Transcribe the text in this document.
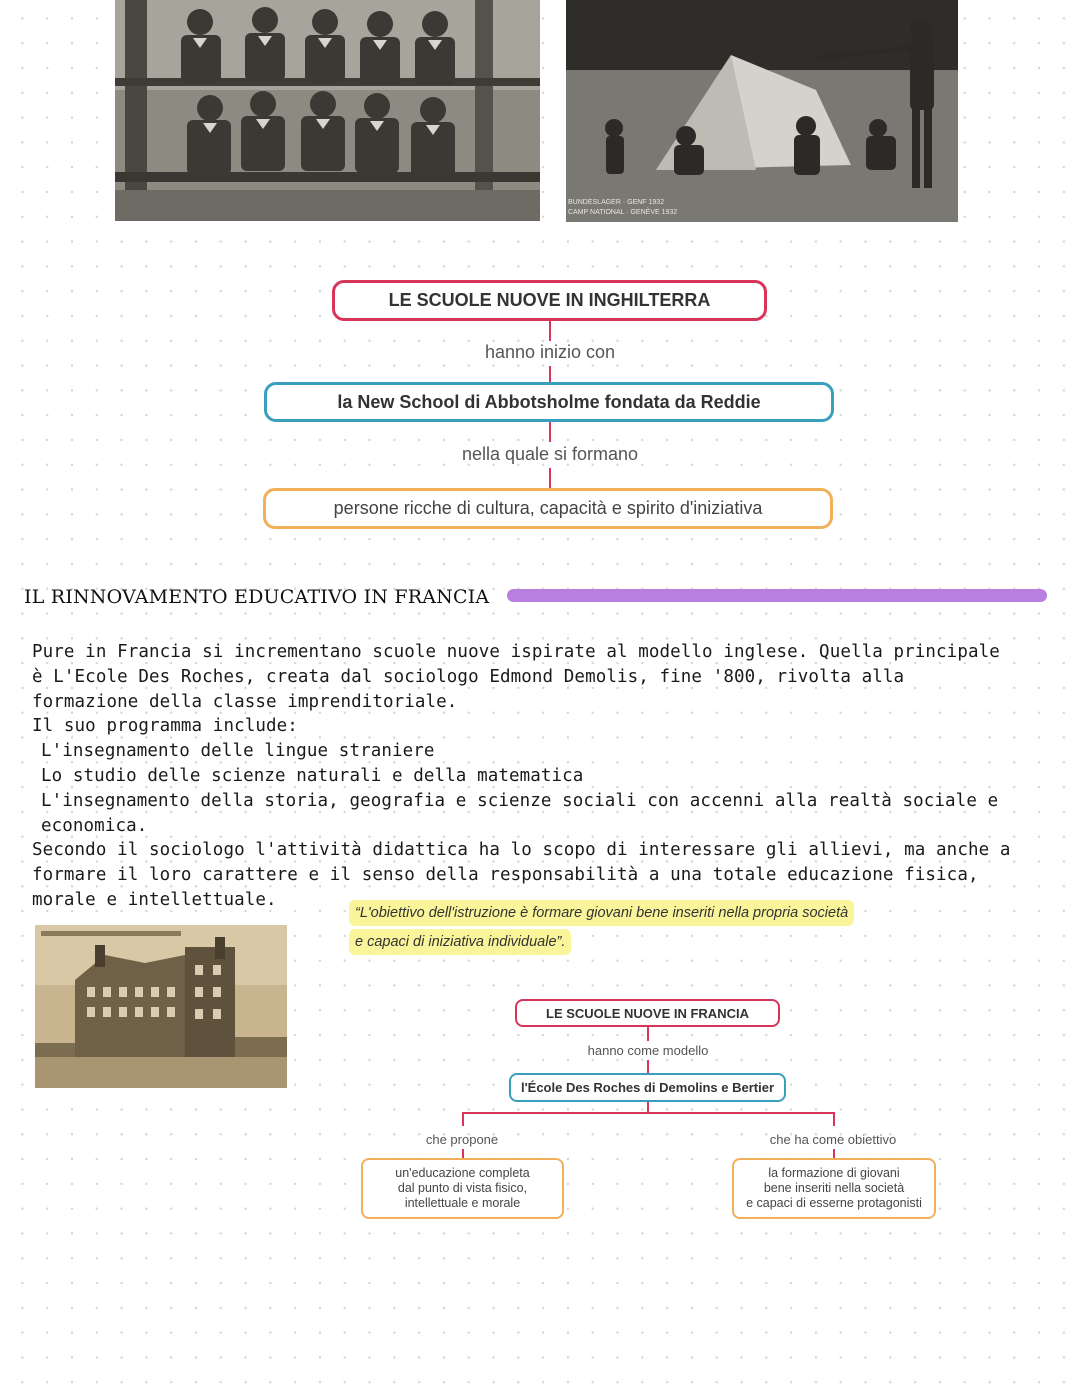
BUNDESLAGER · GENF 1932
CAMP NATIONAL · GENÈVE 1932
LE SCUOLE NUOVE IN INGHILTERRA
hanno inizio con
la New School di Abbotsholme fondata da Reddie
nella quale si formano
persone ricche di cultura, capacità e spirito d'iniziativa
IL RINNOVAMENTO EDUCATIVO IN FRANCIA

Pure in Francia si incrementano scuole nuove ispirate al modello inglese. Quella principale

è L'Ecole Des Roches, creata dal sociologo Edmond Demolis, fine '800, rivolta alla

formazione della classe imprenditoriale.

Il suo programma include:

L'insegnamento delle lingue straniere

Lo studio delle scienze naturali e della matematica

L'insegnamento della storia, geografia e scienze sociali con accenni alla realtà sociale e

economica.

Secondo il sociologo l'attività didattica ha lo scopo di interessare gli allievi, ma anche a

formare il loro carattere e il senso della responsabilità a una totale educazione fisica,

morale e intellettuale.

“L'obiettivo dell'istruzione è formare giovani bene inseriti nella propria società
e capaci di iniziativa individuale”.
LE SCUOLE NUOVE IN FRANCIA
hanno come modello
l'École Des Roches di Demolins e Bertier
che propone	che ha come obiettivo
un'educazione completa
dal punto di vista fisico,
intellettuale e morale
la formazione di giovani
bene inseriti nella società
e capaci di esserne protagonisti
